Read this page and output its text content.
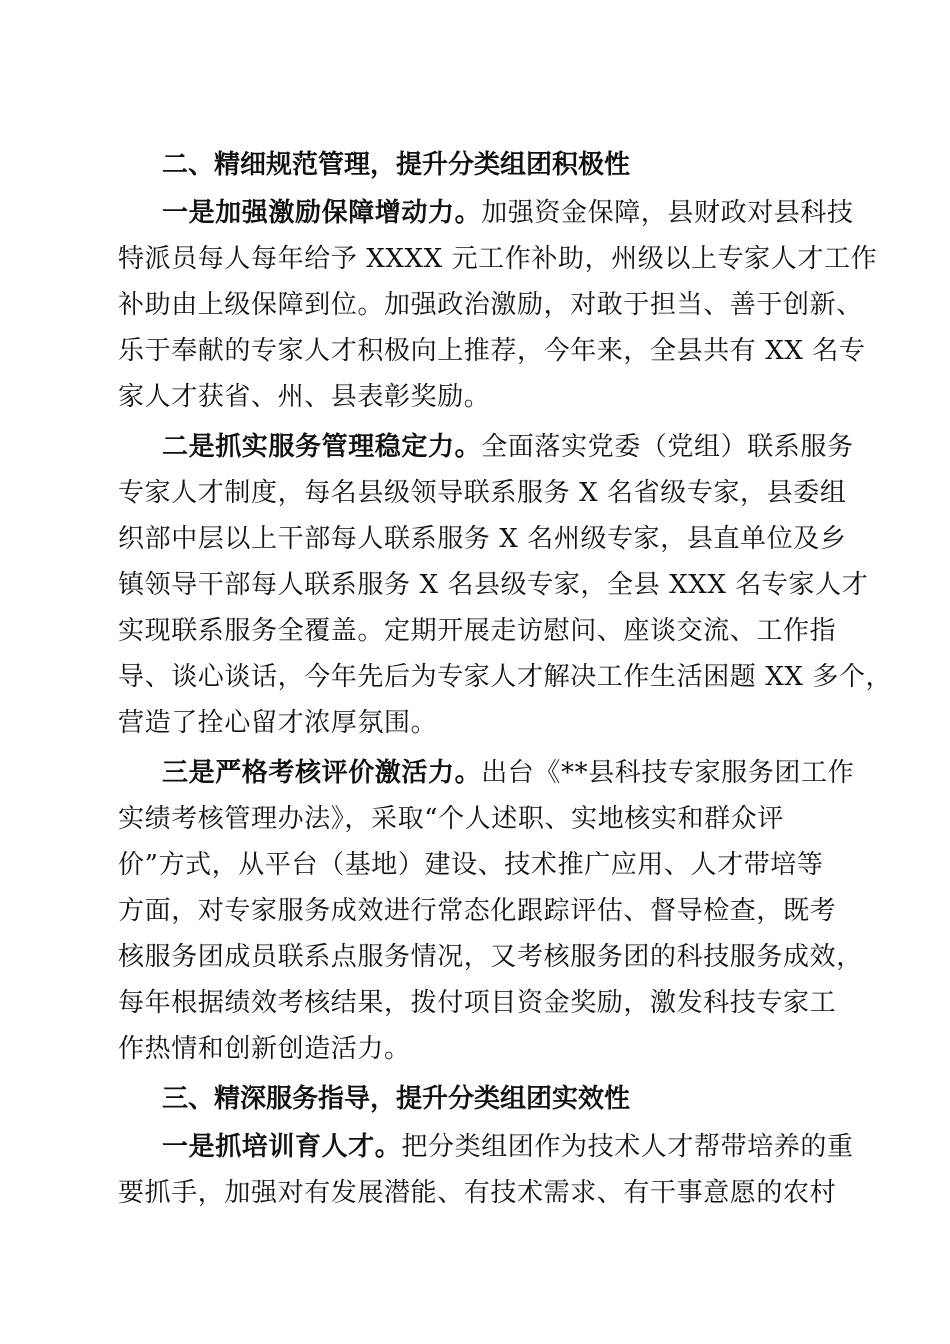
二、精细规范管理，提升分类组团积极性
一是加强激励保障增动力。加强资金保障，县财政对县科技
特派员每人每年给予 XXXX 元工作补助，州级以上专家人才工作
补助由上级保障到位。加强政治激励，对敢于担当、善于创新、
乐于奉献的专家人才积极向上推荐，今年来，全县共有 XX 名专
家人才获省、州、县表彰奖励。
二是抓实服务管理稳定力。全面落实党委（党组）联系服务
专家人才制度，每名县级领导联系服务 X 名省级专家，县委组
织部中层以上干部每人联系服务 X 名州级专家，县直单位及乡
镇领导干部每人联系服务 X 名县级专家，全县 XXX 名专家人才
实现联系服务全覆盖。定期开展走访慰问、座谈交流、工作指
导、谈心谈话，今年先后为专家人才解决工作生活困题 XX 多个，
营造了拴心留才浓厚氛围。
三是严格考核评价激活力。出台《**县科技专家服务团工作
实绩考核管理办法》，采取“个人述职、实地核实和群众评
价”方式，从平台（基地）建设、技术推广应用、人才带培等
方面，对专家服务成效进行常态化跟踪评估、督导检查，既考
核服务团成员联系点服务情况，又考核服务团的科技服务成效，
每年根据绩效考核结果，拨付项目资金奖励，激发科技专家工
作热情和创新创造活力。
三、精深服务指导，提升分类组团实效性
一是抓培训育人才。把分类组团作为技术人才帮带培养的重
要抓手，加强对有发展潜能、有技术需求、有干事意愿的农村
